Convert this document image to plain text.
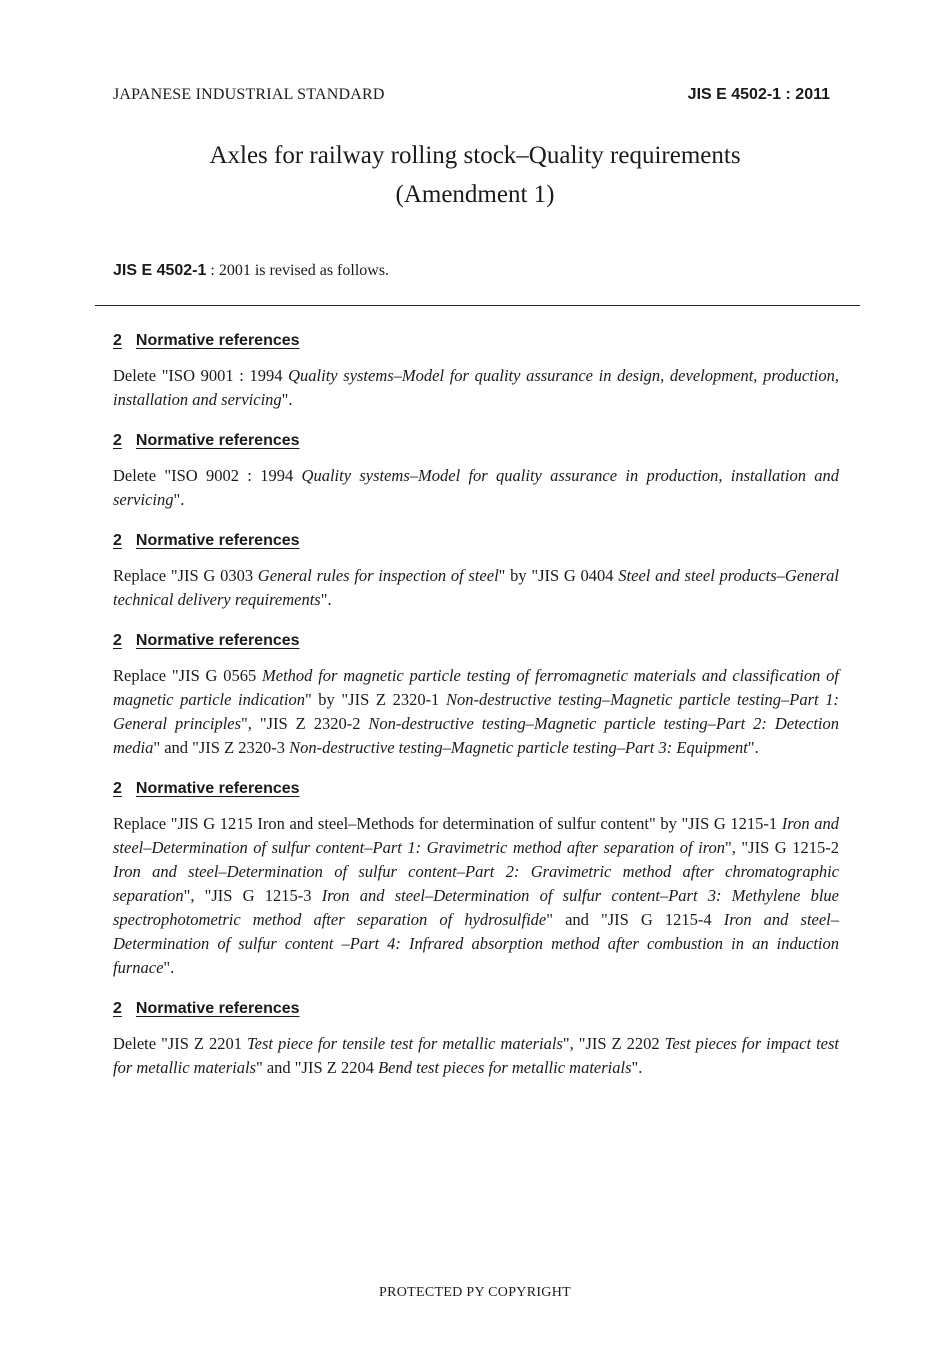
JAPANESE INDUSTRIAL STANDARD	JIS E 4502-1 : 2011
Axles for railway rolling stock–Quality requirements
(Amendment 1)
JIS E 4502-1 : 2001 is revised as follows.
2 Normative references
Delete "ISO 9001 : 1994 Quality systems–Model for quality assurance in design, development, production, installation and servicing".
2 Normative references
Delete "ISO 9002 : 1994 Quality systems–Model for quality assurance in production, installation and servicing".
2 Normative references
Replace "JIS G 0303 General rules for inspection of steel" by "JIS G 0404 Steel and steel products–General technical delivery requirements".
2 Normative references
Replace "JIS G 0565 Method for magnetic particle testing of ferromagnetic materials and classification of magnetic particle indication" by "JIS Z 2320-1 Non-destructive testing–Magnetic particle testing–Part 1: General principles", "JIS Z 2320-2 Non-destructive testing–Magnetic particle testing–Part 2: Detection media" and "JIS Z 2320-3 Non-destructive testing–Magnetic particle testing–Part 3: Equipment".
2 Normative references
Replace "JIS G 1215 Iron and steel–Methods for determination of sulfur content" by "JIS G 1215-1 Iron and steel–Determination of sulfur content–Part 1: Gravimetric method after separation of iron", "JIS G 1215-2 Iron and steel–Determination of sulfur content–Part 2: Gravimetric method after chromatographic separation", "JIS G 1215-3 Iron and steel–Determination of sulfur content–Part 3: Methylene blue spectrophotometric method after separation of hydrosulfide" and "JIS G 1215-4 Iron and steel–Determination of sulfur content –Part 4: Infrared absorption method after combustion in an induction furnace".
2 Normative references
Delete "JIS Z 2201 Test piece for tensile test for metallic materials", "JIS Z 2202 Test pieces for impact test for metallic materials" and "JIS Z 2204 Bend test pieces for metallic materials".
PROTECTED PY COPYRIGHT
